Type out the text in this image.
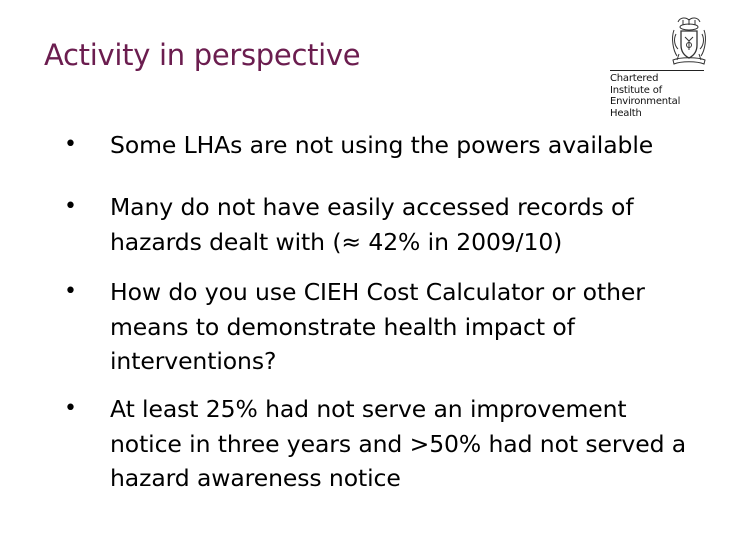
Activity in perspective
Chartered
Institute of
Environmental
Health
• Some LHAs are not using the powers available
• Many do not have easily accessed records of hazards dealt with (≈ 42% in 2009/10)
• How do you use CIEH Cost Calculator or other means to demonstrate health impact of interventions?
• At least 25% had not serve an improvement notice in three years and >50% had not served a hazard awareness notice
